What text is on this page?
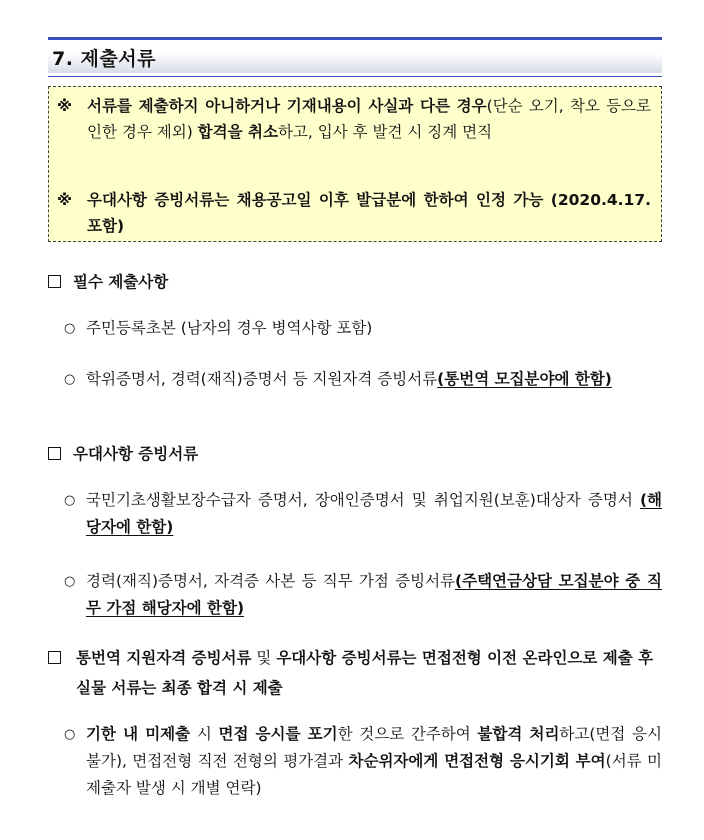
7. 제출서류
※ 서류를 제출하지 아니하거나 기재내용이 사실과 다른 경우(단순 오기, 착오 등으로 인한 경우 제외) 합격을 취소하고, 입사 후 발견 시 징계 면직
※ 우대사항 증빙서류는 채용공고일 이후 발급분에 한하여 인정 가능 (2020.4.17. 포함)
필수 제출사항
○ 주민등록초본 (남자의 경우 병역사항 포함)
○ 학위증명서, 경력(재직)증명서 등 지원자격 증빙서류(통번역 모집분야에 한함)
우대사항 증빙서류
○ 국민기초생활보장수급자 증명서, 장애인증명서 및 취업지원(보훈)대상자 증명서 (해당자에 한함)
○ 경력(재직)증명서, 자격증 사본 등 직무 가점 증빙서류(주택연금상담 모집분야 중 직무 가점 해당자에 한함)
통번역 지원자격 증빙서류 및 우대사항 증빙서류는 면접전형 이전 온라인으로 제출 후 실물 서류는 최종 합격 시 제출
○ 기한 내 미제출 시 면접 응시를 포기한 것으로 간주하여 불합격 처리하고(면접 응시 불가), 면접전형 직전 전형의 평가결과 차순위자에게 면접전형 응시기회 부여(서류 미제출자 발생 시 개별 연락)
